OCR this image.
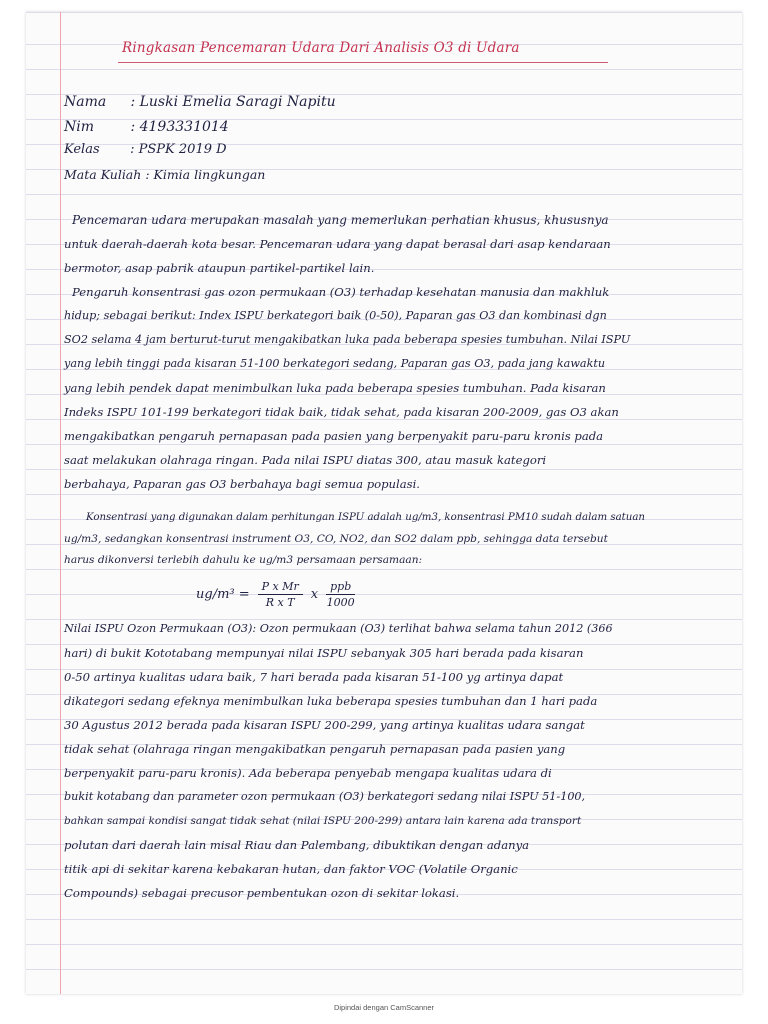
Ringkasan Pencemaran Udara Dari Analisis O3 di Udara
Nama : Luski Emelia Saragi Napitu
Nim	: 4193331014
Kelas : PSPK 2019 D
Mata Kuliah : Kimia lingkungan
Pencemaran udara merupakan masalah yang memerlukan perhatian khusus, khususnya
untuk daerah-daerah kota besar. Pencemaran udara yang dapat berasal dari asap kendaraan
bermotor, asap pabrik ataupun partikel-partikel lain.
Pengaruh konsentrasi gas ozon permukaan (O3) terhadap kesehatan manusia dan makhluk
hidup; sebagai berikut: Index ISPU berkategori baik (0-50), Paparan gas O3 dan kombinasi dgn
SO2 selama 4 jam berturut-turut mengakibatkan luka pada beberapa spesies tumbuhan. Nilai ISPU
yang lebih tinggi pada kisaran 51-100 berkategori sedang, Paparan gas O3, pada jang kawaktu
yang lebih pendek dapat menimbulkan luka pada beberapa spesies tumbuhan. Pada kisaran
Indeks ISPU 101-199 berkategori tidak baik, tidak sehat, pada kisaran 200-2009, gas O3 akan
mengakibatkan pengaruh pernapasan pada pasien yang berpenyakit paru-paru kronis pada
saat melakukan olahraga ringan. Pada nilai ISPU diatas 300, atau masuk kategori
berbahaya, Paparan gas O3 berbahaya bagi semua populasi.
Konsentrasi yang digunakan dalam perhitungan ISPU adalah ug/m3, konsentrasi PM10 sudah dalam satuan
ug/m3, sedangkan konsentrasi instrument O3, CO, NO2, dan SO2 dalam ppb, sehingga data tersebut
harus dikonversi terlebih dahulu ke ug/m3 persamaan persamaan:
$ug/m^3 = \frac{\text{P x Mr}}{\text{R x T}}$ x $\frac{\text{ppb}}{1000}$
Nilai ISPU Ozon Permukaan (O3): Ozon permukaan (O3) terlihat bahwa selama tahun 2012 (366
hari) di bukit Kototabang mempunyai nilai ISPU sebanyak 305 hari berada pada kisaran
0-50 artinya kualitas udara baik, 7 hari berada pada kisaran 51-100 yg artinya dapat
dikategori sedang efeknya menimbulkan luka beberapa spesies tumbuhan dan 1 hari pada
30 Agustus 2012 berada pada kisaran ISPU 200-299, yang artinya kualitas udara sangat
tidak sehat (olahraga ringan mengakibatkan pengaruh pernapasan pada pasien yang
berpenyakit paru-paru kronis). Ada beberapa penyebab mengapa kualitas udara di
bukit kotabang dan parameter ozon permukaan (O3) berkategori sedang nilai ISPU 51-100,
bahkan sampai kondisi sangat tidak sehat (nilai ISPU 200-299) antara lain karena ada transport
polutan dari daerah lain misal Riau dan Palembang, dibuktikan dengan adanya
titik api di sekitar karena kebakaran hutan, dan faktor VOC (Volatile Organic
Compounds) sebagai precusor pembentukan ozon di sekitar lokasi.
Dipindai dengan CamScanner
